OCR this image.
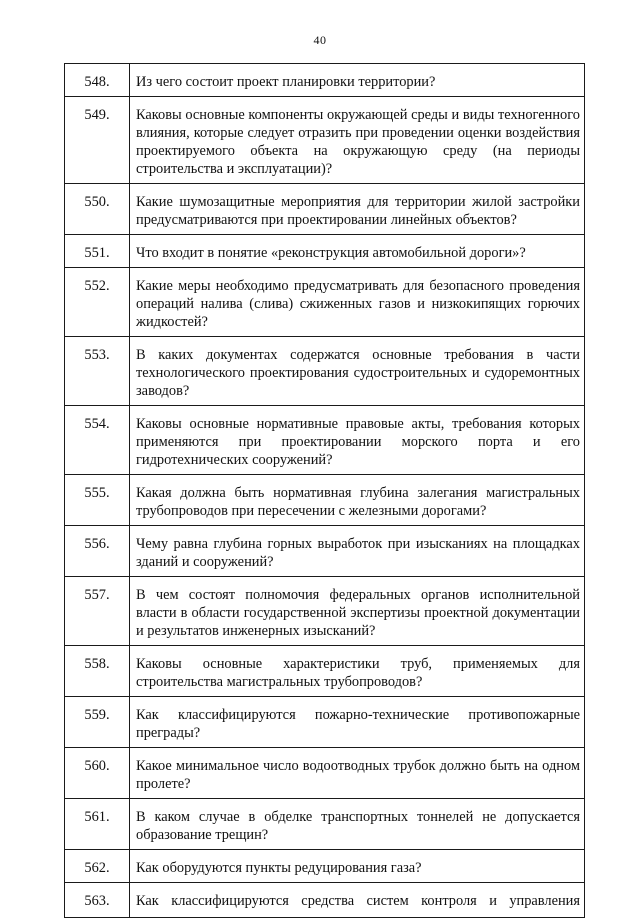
40
548.	Из чего состоит проект планировки территории?
549.	Каковы основные компоненты окружающей среды и виды техногенного влияния, которые следует отразить при проведении оценки воздействия проектируемого объекта на окружающую среду (на периоды строительства и эксплуатации)?
550.	Какие шумозащитные мероприятия для территории жилой застройки предусматриваются при проектировании линейных объектов?
551.	Что входит в понятие «реконструкция автомобильной дороги»?
552.	Какие меры необходимо предусматривать для безопасного проведения операций налива (слива) сжиженных газов и низкокипящих горючих жидкостей?
553.	В каких документах содержатся основные требования в части технологического проектирования судостроительных и судоремонтных заводов?
554.	Каковы основные нормативные правовые акты, требования которых применяются при проектировании морского порта и его гидротехнических сооружений?
555.	Какая должна быть нормативная глубина залегания магистральных трубопроводов при пересечении с железными дорогами?
556.	Чему равна глубина горных выработок при изысканиях на площадках зданий и сооружений?
557.	В чем состоят полномочия федеральных органов исполнительной власти в области государственной экспертизы проектной документации и результатов инженерных изысканий?
558.	Каковы основные характеристики труб, применяемых для строительства магистральных трубопроводов?
559.	Как классифицируются пожарно-технические противопожарные преграды?
560.	Какое минимальное число водоотводных трубок должно быть на одном пролете?
561.	В каком случае в обделке транспортных тоннелей не допускается образование трещин?
562.	Как оборудуются пункты редуцирования газа?
563.	Как классифицируются средства систем контроля и управления
